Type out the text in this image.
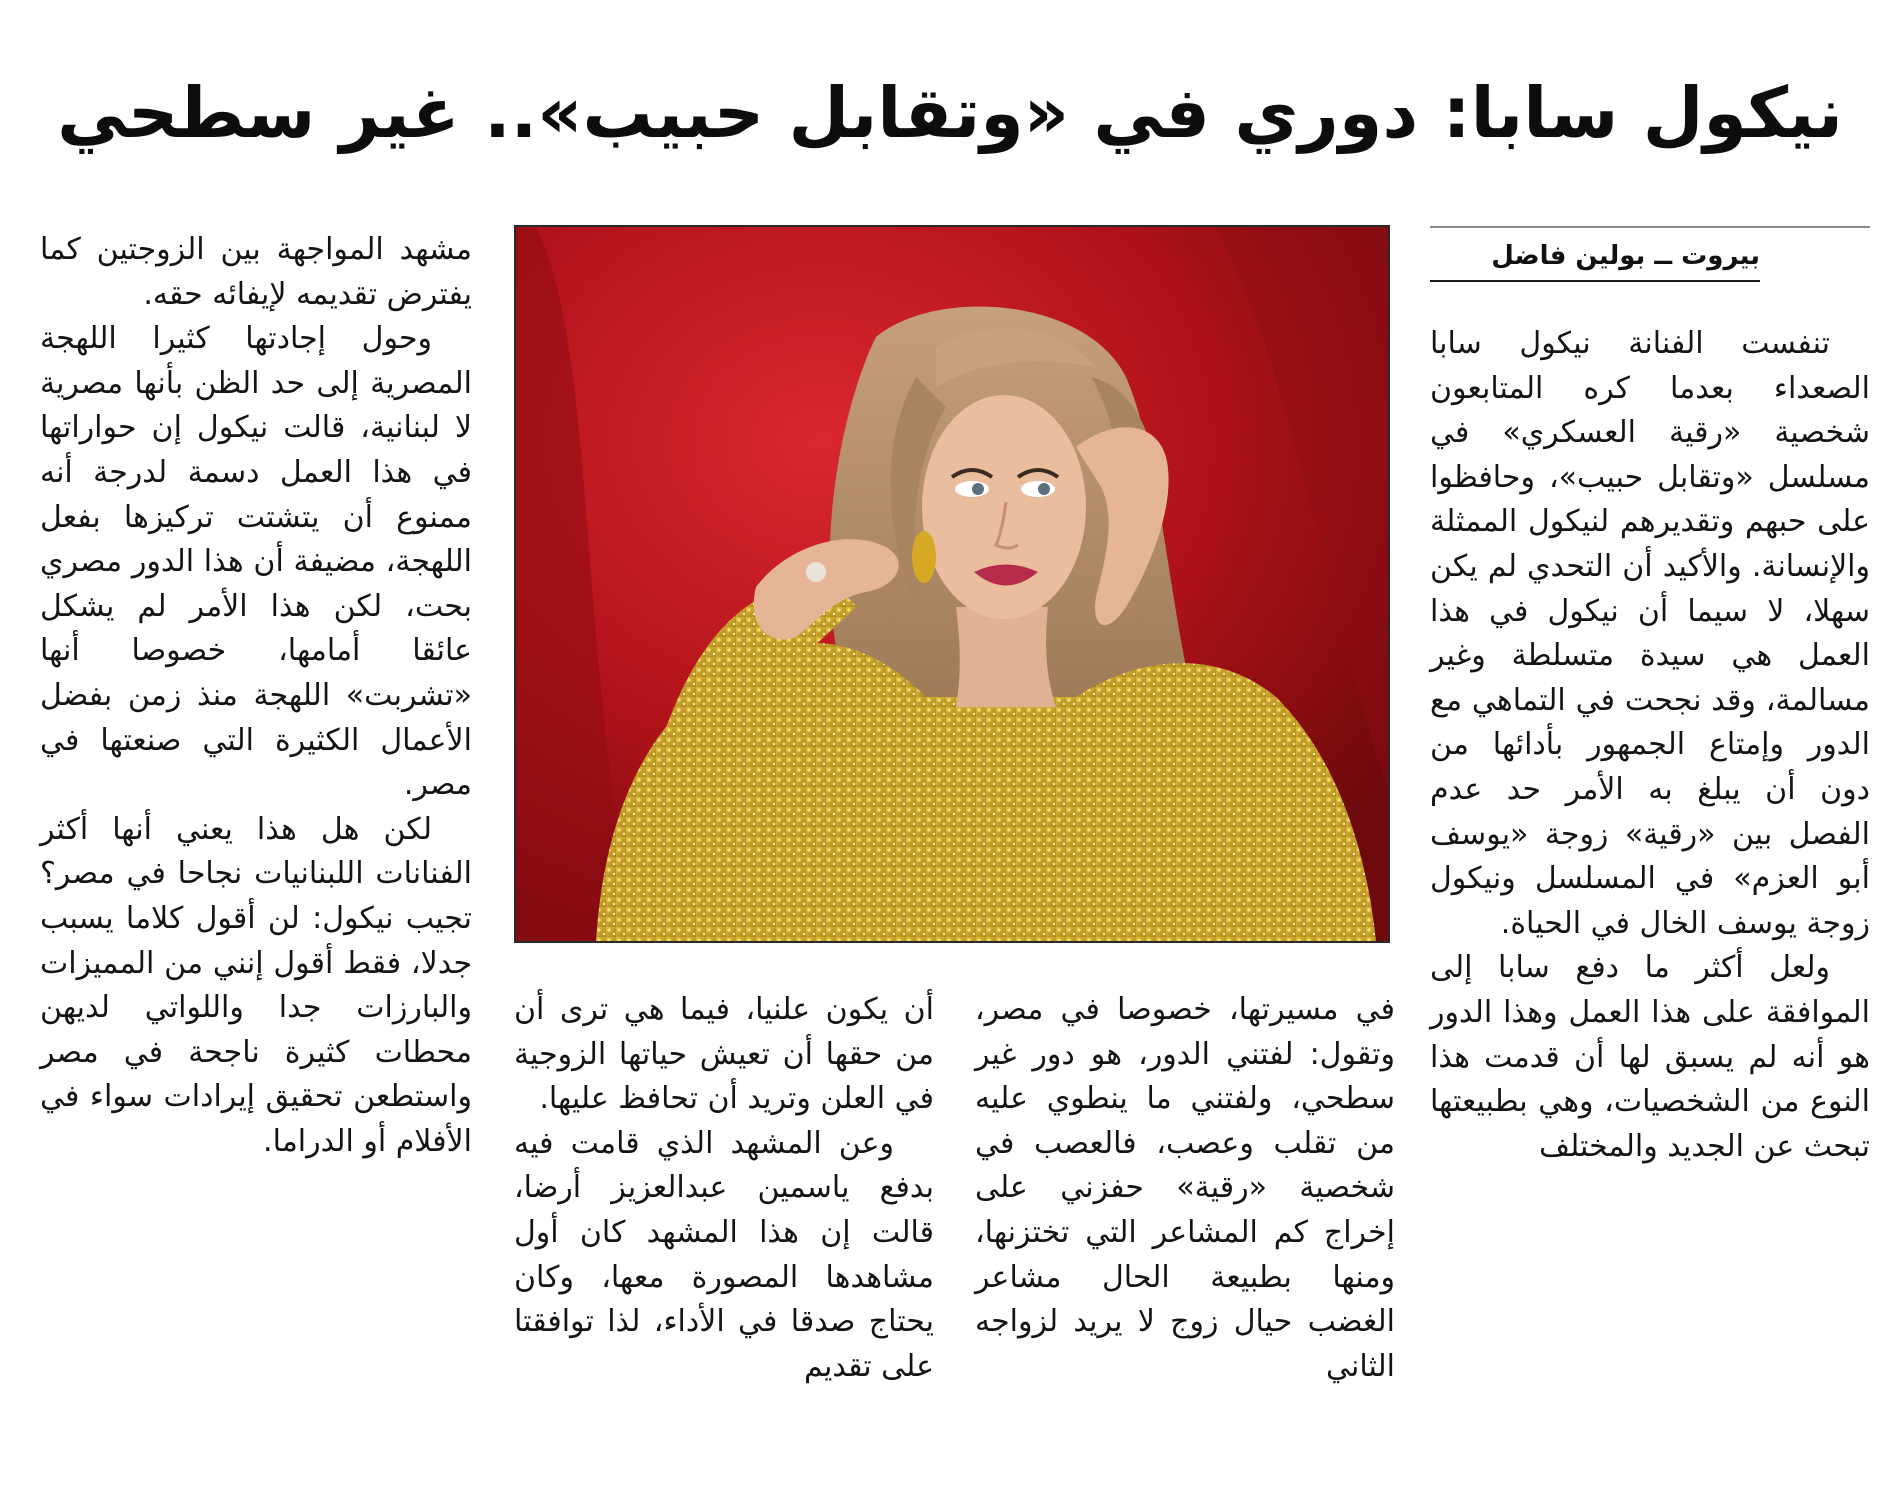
نيكول سابا: دوري في «وتقابل حبيب».. غير سطحي
بيروت ــ بولين فاضل

تنفست الفنانة نيكول سابا الصعداء بعدما كره المتابعون شخصية «رقية العسكري» في مسلسل «وتقابل حبيب»، وحافظوا على حبهم وتقديرهم لنيكول الممثلة والإنسانة. والأكيد أن التحدي لم يكن سهلا، لا سيما أن نيكول في هذا العمل هي سيدة متسلطة وغير مسالمة، وقد نجحت في التماهي مع الدور وإمتاع الجمهور بأدائها من دون أن يبلغ به الأمر حد عدم الفصل بين «رقية» زوجة «يوسف أبو العزم» في المسلسل ونيكول زوجة يوسف الخال في الحياة.

ولعل أكثر ما دفع سابا إلى الموافقة على هذا العمل وهذا الدور هو أنه لم يسبق لها أن قدمت هذا النوع من الشخصيات، وهي بطبيعتها تبحث عن الجديد والمختلف

في مسيرتها، خصوصا في مصر، وتقول: لفتني الدور، هو دور غير سطحي، ولفتني ما ينطوي عليه من تقلب وعصب، فالعصب في شخصية «رقية» حفزني على إخراج كم المشاعر التي تختزنها، ومنها بطبيعة الحال مشاعر الغضب حيال زوج لا يريد لزواجه الثاني

أن يكون علنيا، فيما هي ترى أن من حقها أن تعيش حياتها الزوجية في العلن وتريد أن تحافظ عليها.

وعن المشهد الذي قامت فيه بدفع ياسمين عبدالعزيز أرضا، قالت إن هذا المشهد كان أول مشاهدها المصورة معها، وكان يحتاج صدقا في الأداء، لذا توافقتا على تقديم

مشهد المواجهة بين الزوجتين كما يفترض تقديمه لإيفائه حقه.

وحول إجادتها كثيرا اللهجة المصرية إلى حد الظن بأنها مصرية لا لبنانية، قالت نيكول إن حواراتها في هذا العمل دسمة لدرجة أنه ممنوع أن يتشتت تركيزها بفعل اللهجة، مضيفة أن هذا الدور مصري بحت، لكن هذا الأمر لم يشكل عائقا أمامها، خصوصا أنها «تشربت» اللهجة منذ زمن بفضل الأعمال الكثيرة التي صنعتها في مصر.

لكن هل هذا يعني أنها أكثر الفنانات اللبنانيات نجاحا في مصر؟ تجيب نيكول: لن أقول كلاما يسبب جدلا، فقط أقول إنني من المميزات والبارزات جدا واللواتي لديهن محطات كثيرة ناجحة في مصر واستطعن تحقيق إيرادات سواء في الأفلام أو الدراما.
